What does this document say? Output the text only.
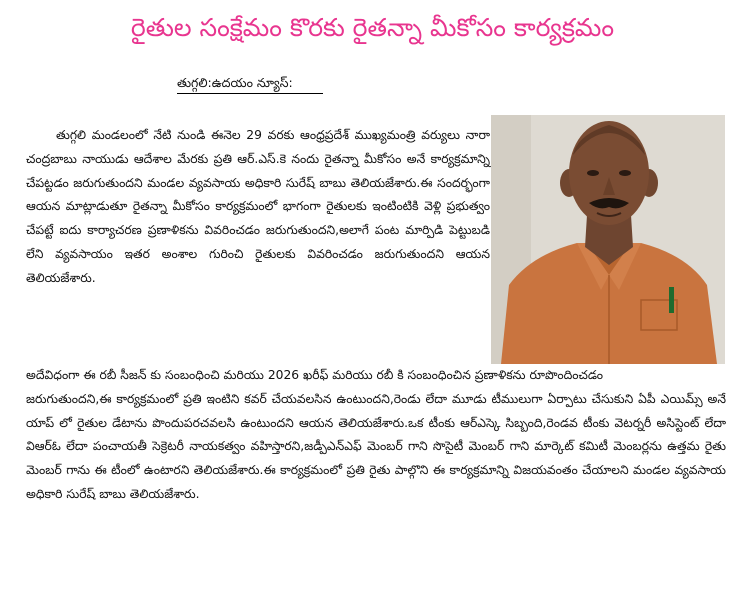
రైతుల సంక్షేమం కొరకు రైతన్నా మీకోసం కార్యక్రమం
తుగ్గలి:ఉదయం న్యూస్:

తుగ్గలి మండలంలో నేటి నుండి ఈనెల 29 వరకు ఆంధ్రప్రదేశ్ ముఖ్యమంత్రి వర్యులు నారా చంద్రబాబు నాయుడు ఆదేశాల మేరకు ప్రతి ఆర్.ఎస్.కె నందు రైతన్నా మీకోసం అనే కార్యక్రమాన్ని చేపట్టడం జరుగుతుందని మండల వ్యవసాయ అధికారి సురేష్ బాబు తెలియజేశారు.ఈ సందర్భంగా ఆయన మాట్లాడుతూ రైతన్నా మీకోసం కార్యక్రమంలో భాగంగా రైతులకు ఇంటింటికి వెళ్లి ప్రభుత్వం చేపట్టే ఐదు కార్యాచరణ ప్రణాళికను వివరించడం జరుగుతుందని,అలాగే పంట మార్పిడి పెట్టుబడి లేని వ్యవసాయం ఇతర అంశాల గురించి రైతులకు వివరించడం జరుగుతుందని ఆయన తెలియజేశారు.

అదేవిధంగా ఈ రబీ సీజన్ కు సంబంధించి మరియు 2026 ఖరీఫ్ మరియు రబీ కి సంబంధించిన ప్రణాళికను రూపొందించడం

జరుగుతుందని,ఈ కార్యక్రమంలో ప్రతి ఇంటిని కవర్ చేయవలసిన ఉంటుందని,రెండు లేదా మూడు టీములుగా ఏర్పాటు చేసుకుని ఏపీ ఎయిమ్స్ అనే యాప్ లో రైతుల డేటాను పొందుపరచవలసి ఉంటుందని ఆయన తెలియజేశారు.ఒక టీంకు ఆర్ఎస్కె సిబ్బంది,రెండవ టీంకు వెటర్నరీ అసిస్టెంట్ లేదా విఆర్ఓ లేదా పంచాయతీ సెక్రెటరీ నాయకత్వం వహిస్తారని,జడ్పీఎన్ఎఫ్ మెంబర్ గాని సొసైటీ మెంబర్ గాని మార్కెట్ కమిటీ మెంబర్లను ఉత్తమ రైతు మెంబర్ గాను ఈ టీంలో ఉంటారని తెలియజేశారు.ఈ కార్యక్రమంలో ప్రతి రైతు పాల్గొని ఈ కార్యక్రమాన్ని విజయవంతం చేయాలని మండల వ్యవసాయ అధికారి సురేష్ బాబు తెలియజేశారు.
